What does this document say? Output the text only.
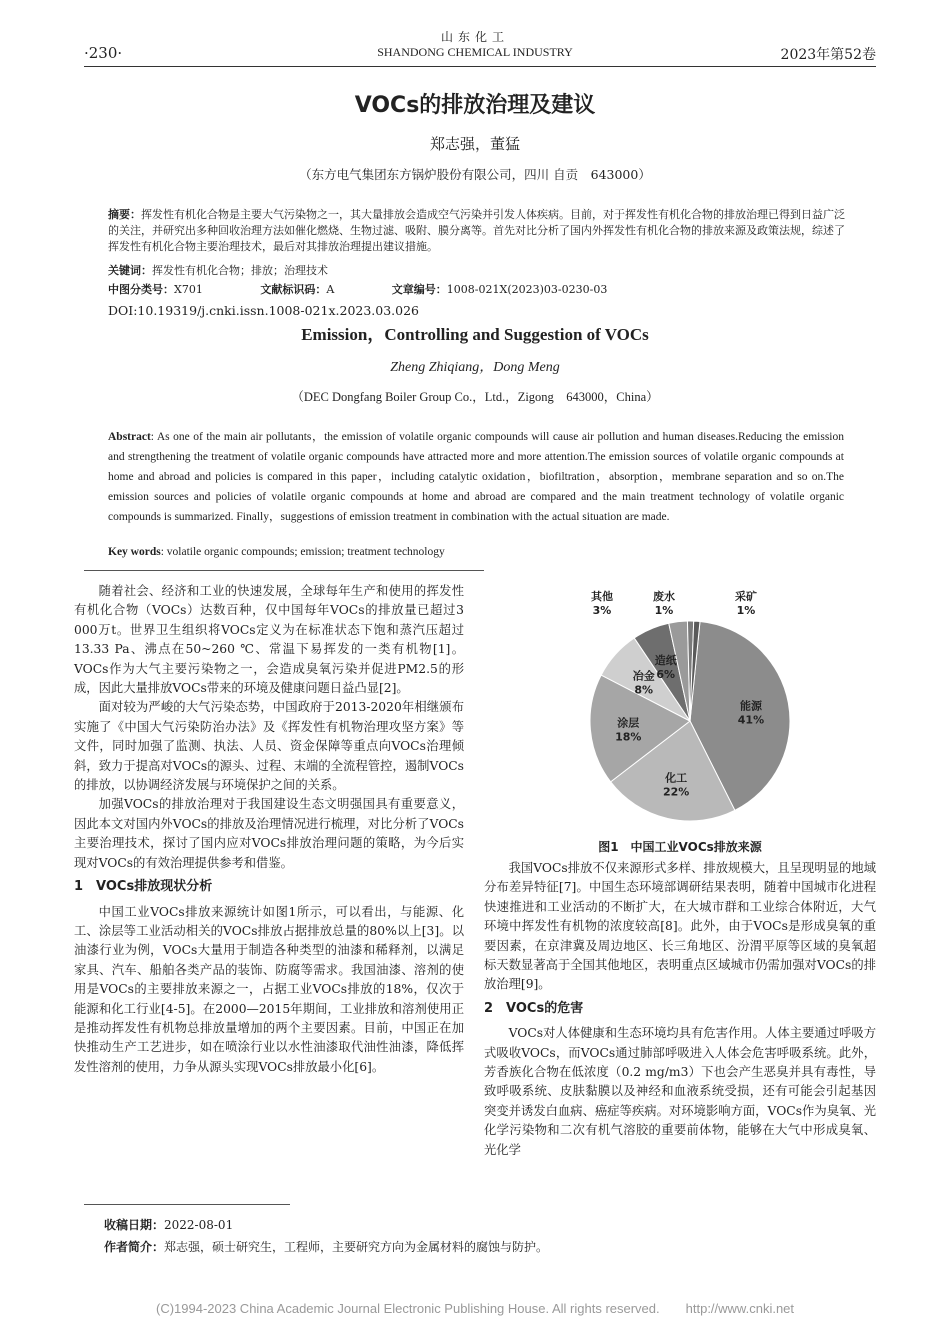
·230·
山东化工
SHANDONG CHEMICAL INDUSTRY	2023年第52卷
VOCs的排放治理及建议
郑志强，董猛
（东方电气集团东方锅炉股份有限公司，四川 自贡　643000）
摘要：挥发性有机化合物是主要大气污染物之一，其大量排放会造成空气污染并引发人体疾病。目前，对于挥发性有机化合物的排放治理已得到日益广泛的关注，并研究出多种回收治理方法如催化燃烧、生物过滤、吸附、膜分离等。首先对比分析了国内外挥发性有机化合物的排放来源及政策法规，综述了挥发性有机化合物主要治理技术，最后对其排放治理提出建议措施。
关键词：挥发性有机化合物；排放；治理技术
中图分类号：X701	文献标识码：A	文章编号：1008-021X(2023)03-0230-03
DOI:10.19319/j.cnki.issn.1008-021x.2023.03.026
Emission，Controlling and Suggestion of VOCs
Zheng Zhiqiang，Dong Meng
（DEC Dongfang Boiler Group Co.，Ltd.，Zigong　643000，China）
Abstract: As one of the main air pollutants，the emission of volatile organic compounds will cause air pollution and human diseases.Reducing the emission and strengthening the treatment of volatile organic compounds have attracted more and more attention.The emission sources of volatile organic compounds at home and abroad and policies is compared in this paper，including catalytic oxidation，biofiltration，absorption，membrane separation and so on.The emission sources and policies of volatile organic compounds at home and abroad are compared and the main treatment technology of volatile organic compounds is summarized. Finally，suggestions of emission treatment in combination with the actual situation are made.
Key words: volatile organic compounds; emission; treatment technology

随着社会、经济和工业的快速发展，全球每年生产和使用的挥发性有机化合物（VOCs）达数百种，仅中国每年VOCs的排放量已超过3 000万t。世界卫生组织将VOCs定义为在标准状态下饱和蒸汽压超过13.33 Pa、沸点在50~260 ℃、常温下易挥发的一类有机物[1]。VOCs作为大气主要污染物之一，会造成臭氧污染并促进PM2.5的形成，因此大量排放VOCs带来的环境及健康问题日益凸显[2]。

面对较为严峻的大气污染态势，中国政府于2013-2020年相继颁布实施了《中国大气污染防治办法》及《挥发性有机物治理攻坚方案》等文件，同时加强了监测、执法、人员、资金保障等重点向VOCs治理倾斜，致力于提高对VOCs的源头、过程、末端的全流程管控，遏制VOCs的排放，以协调经济发展与环境保护之间的关系。

加强VOCs的排放治理对于我国建设生态文明强国具有重要意义，因此本文对国内外VOCs的排放及治理情况进行梳理，对比分析了VOCs主要治理技术，探讨了国内应对VOCs排放治理问题的策略，为今后实现对VOCs的有效治理提供参考和借鉴。

1　VOCs排放现状分析

中国工业VOCs排放来源统计如图1所示，可以看出，与能源、化工、涂层等工业活动相关的VOCs排放占据排放总量的80%以上[3]。以油漆行业为例，VOCs大量用于制造各种类型的油漆和稀释剂，以满足家具、汽车、船舶各类产品的装饰、防腐等需求。我国油漆、溶剂的使用是VOCs的主要排放来源之一，占据工业VOCs排放的18%，仅次于能源和化工行业[4-5]。在2000—2015年期间，工业排放和溶剂使用正是推动挥发性有机物总排放量增加的两个主要因素。目前，中国正在加快推动生产工艺进步，如在喷涂行业以水性油漆取代油性油漆，降低挥发性溶剂的使用，力争从源头实现VOCs排放最小化[6]。

能源
41%
化工
22%
涂层
18%
冶金
8%
造纸
6%
其他
3%
废水
1%
采矿
1%
图1　中国工业VOCs排放来源

我国VOCs排放不仅来源形式多样、排放规模大，且呈现明显的地域分布差异特征[7]。中国生态环境部调研结果表明，随着中国城市化进程快速推进和工业活动的不断扩大，在大城市群和工业综合体附近，大气环境中挥发性有机物的浓度较高[8]。此外，由于VOCs是形成臭氧的重要因素，在京津冀及周边地区、长三角地区、汾渭平原等区域的臭氧超标天数显著高于全国其他地区，表明重点区域城市仍需加强对VOCs的排放治理[9]。

2　VOCs的危害

VOCs对人体健康和生态环境均具有危害作用。人体主要通过呼吸方式吸收VOCs，而VOCs通过肺部呼吸进入人体会危害呼吸系统。此外，芳香族化合物在低浓度（0.2 mg/m3）下也会产生恶臭并具有毒性，导致呼吸系统、皮肤黏膜以及神经和血液系统受损，还有可能会引起基因突变并诱发白血病、癌症等疾病。对环境影响方面，VOCs作为臭氧、光化学污染物和二次有机气溶胶的重要前体物，能够在大气中形成臭氧、光化学

收稿日期：2022-08-01
作者简介：郑志强，硕士研究生，工程师，主要研究方向为金属材料的腐蚀与防护。
(C)1994-2023 China Academic Journal Electronic Publishing House. All rights reserved.　　http://www.cnki.net
